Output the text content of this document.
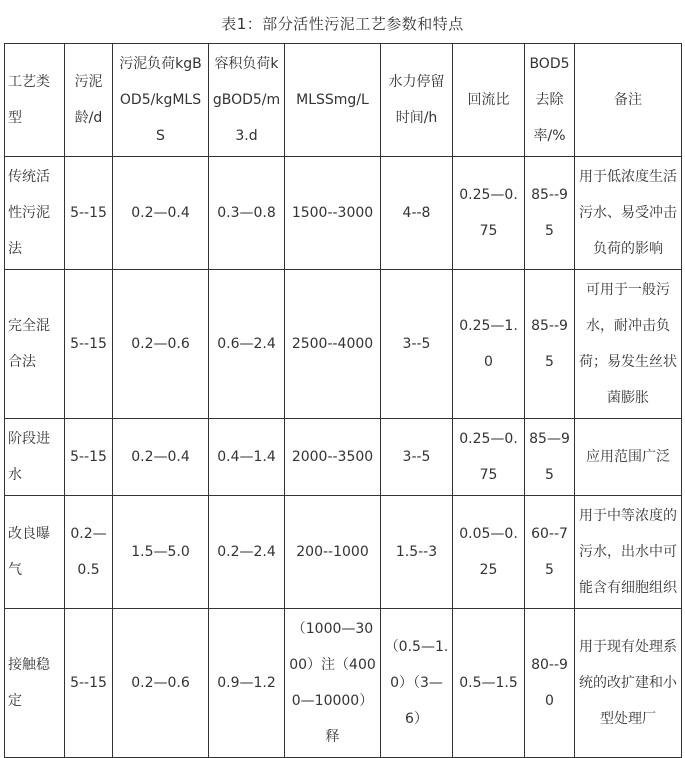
表1：部分活性污泥工艺参数和特点
工艺类型	污泥龄/d	污泥负荷kgBOD5/kgMLSS	容积负荷kgBOD5/m3.d	MLSSmg/L	水力停留时间/h	回流比	BOD5去除率/%	备注
传统活性污泥法	5--15	0.2—0.4	0.3—0.8	1500--3000	4--8	0.25—0.75	85--95	用于低浓度生活污水、易受冲击负荷的影响
完全混合法	5--15	0.2—0.6	0.6—2.4	2500--4000	3--5	0.25—1.0	85--95	可用于一般污水，耐冲击负荷；易发生丝状菌膨胀
阶段进水	5--15	0.2—0.4	0.4—1.4	2000--3500	3--5	0.25—0.75	85—95	应用范围广泛
改良曝气	0.2—0.5	1.5—5.0	0.2—2.4	200--1000	1.5--3	0.05—0.25	60--75	用于中等浓度的污水，出水中可能含有细胞组织
接触稳定	5--15	0.2—0.6	0.9—1.2	（1000—3000）注（4000—10000）释	（0.5—1.0）（3—6）	0.5—1.5	80--90	用于现有处理系统的改扩建和小型处理厂
